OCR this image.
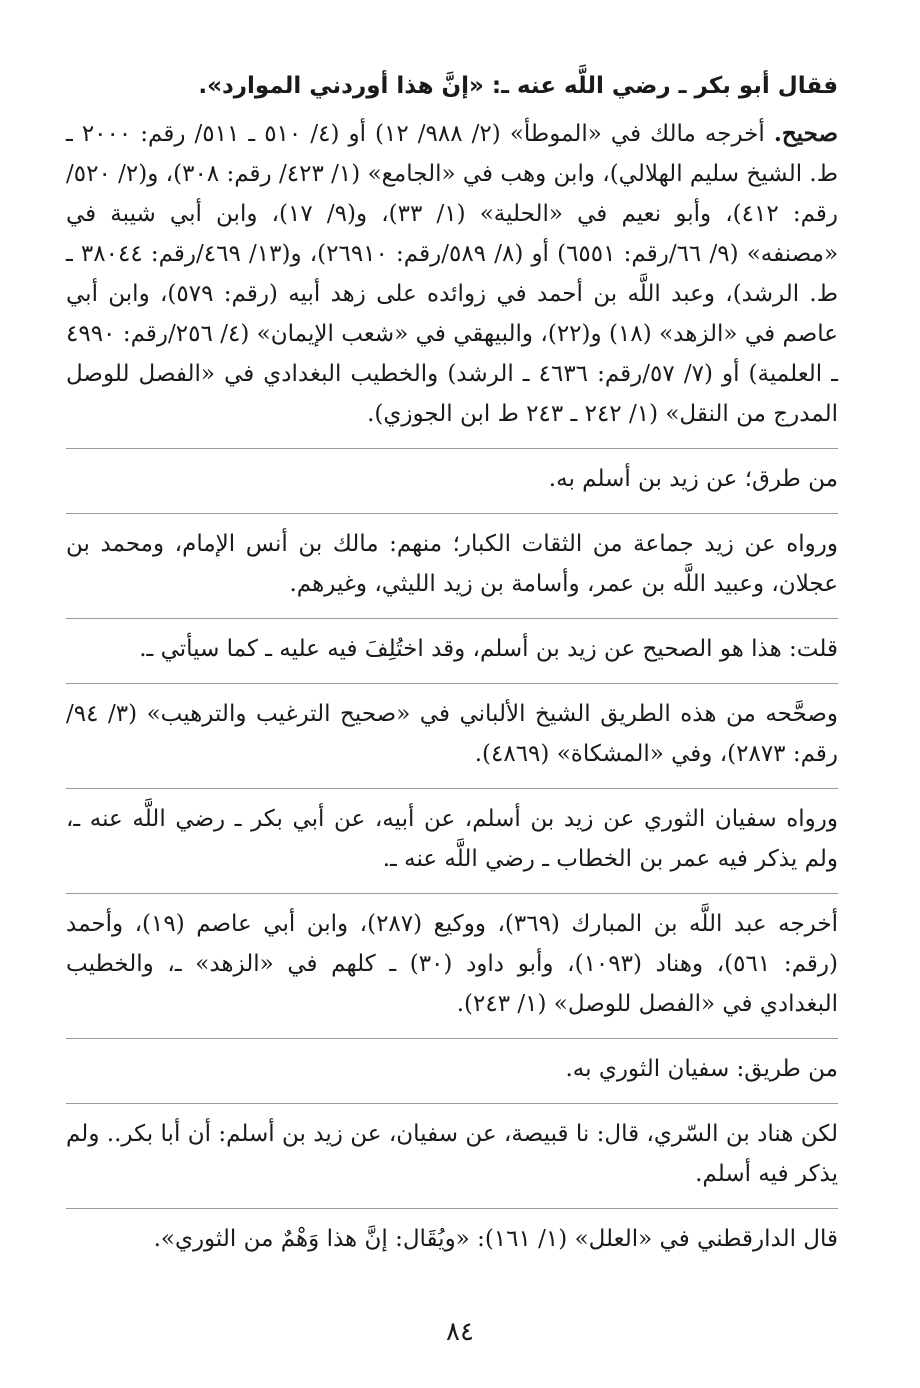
فقال أبو بكر ـ رضي اللَّه عنه ـ: «إنَّ هذا أوردني الموارد».

صحيح. أخرجه مالك في «الموطأ» (٢/ ٩٨٨/ ١٢) أو (٤/ ٥١٠ ـ ٥١١/ رقم: ٢٠٠٠ ـ ط. الشيخ سليم الهلالي)، وابن وهب في «الجامع» (١/ ٤٢٣/ رقم: ٣٠٨)، و(٢/ ٥٢٠/رقم: ٤١٢)، وأبو نعيم في «الحلية» (١/ ٣٣)، و(٩/ ١٧)، وابن أبي شيبة في «مصنفه» (٩/ ٦٦/رقم: ٦٥٥١) أو (٨/ ٥٨٩/رقم: ٢٦٩١٠)، و(١٣/ ٤٦٩/رقم: ٣٨٠٤٤ ـ ط. الرشد)، وعبد اللَّه بن أحمد في زوائده على زهد أبيه (رقم: ٥٧٩)، وابن أبي عاصم في «الزهد» (١٨) و(٢٢)، والبيهقي في «شعب الإيمان» (٤/ ٢٥٦/رقم: ٤٩٩٠ ـ العلمية) أو (٧/ ٥٧/رقم: ٤٦٣٦ ـ الرشد) والخطيب البغدادي في «الفصل للوصل المدرج من النقل» (١/ ٢٤٢ ـ ٢٤٣ ط ابن الجوزي).

من طرق؛ عن زيد بن أسلم به.

ورواه عن زيد جماعة من الثقات الكبار؛ منهم: مالك بن أنس الإمام، ومحمد بن عجلان، وعبيد اللَّه بن عمر، وأسامة بن زيد الليثي، وغيرهم.

قلت: هذا هو الصحيح عن زيد بن أسلم، وقد اختُلِفَ فيه عليه ـ كما سيأتي ـ.

وصحَّحه من هذه الطريق الشيخ الألباني في «صحيح الترغيب والترهيب» (٣/ ٩٤/رقم: ٢٨٧٣)، وفي «المشكاة» (٤٨٦٩).

ورواه سفيان الثوري عن زيد بن أسلم، عن أبيه، عن أبي بكر ـ رضي اللَّه عنه ـ، ولم يذكر فيه عمر بن الخطاب ـ رضي اللَّه عنه ـ.

أخرجه عبد اللَّه بن المبارك (٣٦٩)، ووكيع (٢٨٧)، وابن أبي عاصم (١٩)، وأحمد (رقم: ٥٦١)، وهناد (١٠٩٣)، وأبو داود (٣٠) ـ كلهم في «الزهد» ـ، والخطيب البغدادي في «الفصل للوصل» (١/ ٢٤٣).

من طريق: سفيان الثوري به.

لكن هناد بن السّري، قال: نا قبيصة، عن سفيان، عن زيد بن أسلم: أن أبا بكر.. ولم يذكر فيه أسلم.

قال الدارقطني في «العلل» (١/ ١٦١): «ويُقَال: إنَّ هذا وَهْمٌ من الثوري».

٨٤
